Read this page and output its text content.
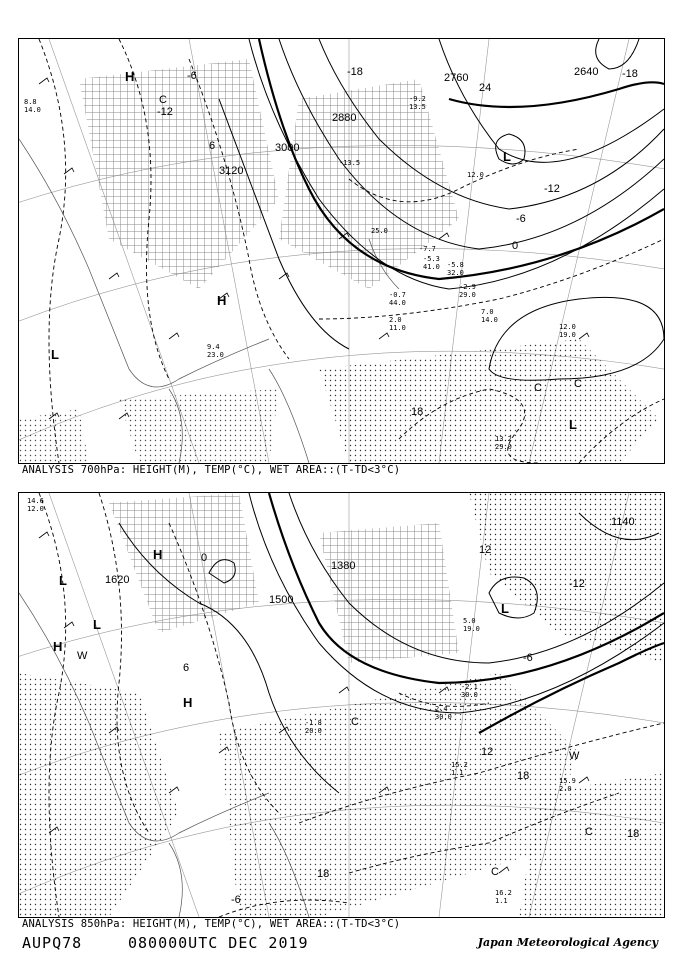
3000
3120
2880
2760	2640
-12
-6
0
-12
-18
-18
6
18
-6
24
H
L
H
L
C
C	C
L
-9.2
13.5
-13.5
12.0
-5.3
41.0
7.0
14.0
12.0
19.0
13.2
29.0
-0.7
44.0
2.0
11.0
9.4
23.0
8.8
14.0
25.0
-5.8
32.0
-2.9
29.0
-7.7
ANALYSIS 700hPa: HEIGHT(M), TEMP(°C), WET AREA::(T-TD<3°C)
1620
1500
1380
1140
0
-6
12
-12
12
18
18
18
6
-6
H
L
L
H
H
L
C
C
W
C
W
15.2
1.1
15.9
2.0
16.2
1.1
-2.1
30.0
2.4
30.0
-1.8
20.0
5.0
19.0
14.6
12.0
ANALYSIS 850hPa: HEIGHT(M), TEMP(°C), WET AREA::(T-TD<3°C)
AUPQ78	080000UTC DEC 2019	Japan Meteorological Agency
